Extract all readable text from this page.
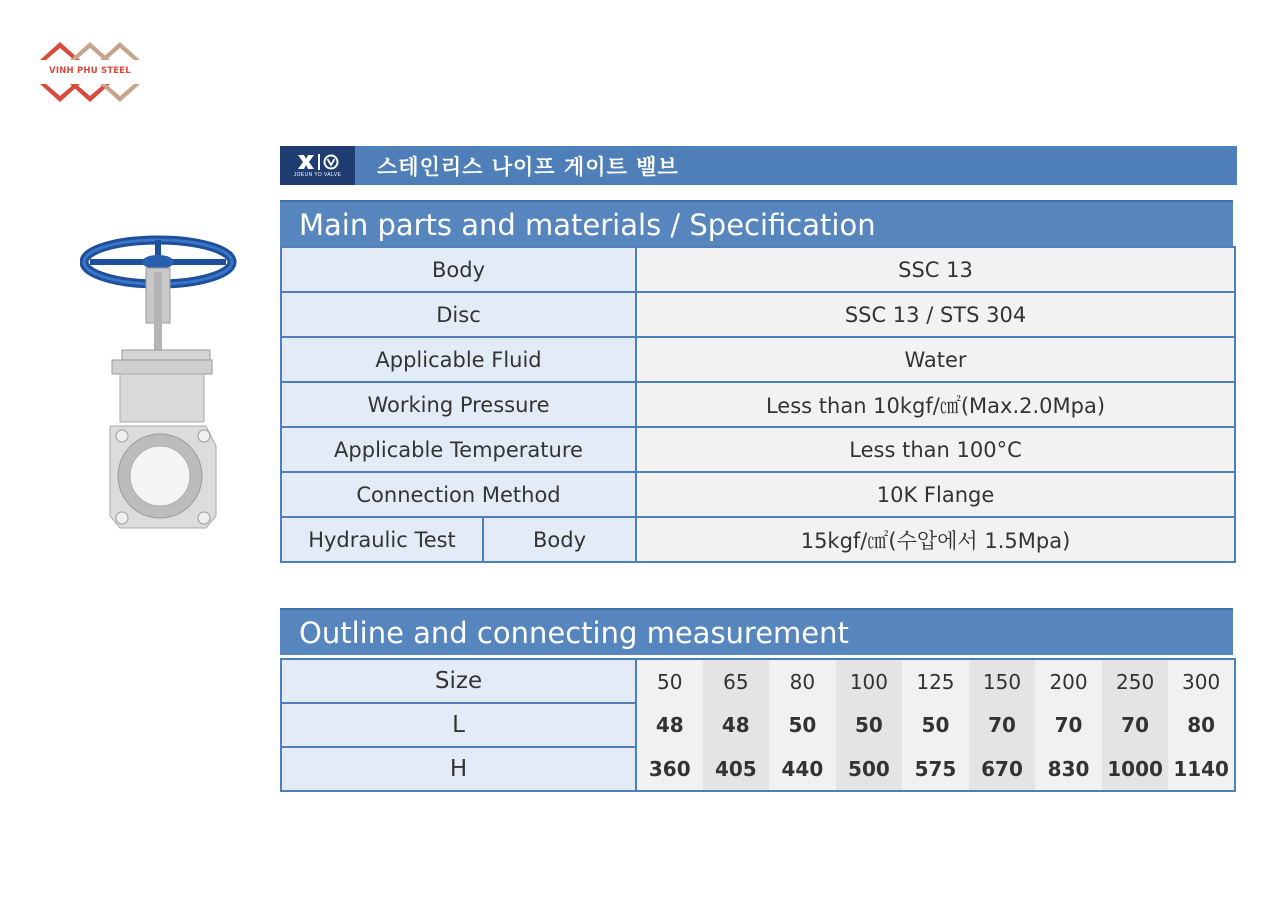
VINH PHU STEEL
JOEUN YD VALVE 스테인리스 나이프 게이트 밸브
Main parts and materials / Specification
Body		SSC 13
Disc		SSC 13 / STS 304
Applicable Fluid		Water
Working Pressure		Less than 10kgf/㎠(Max.2.0Mpa)
Applicable Temperature		Less than 100°C
Connection Method		10K Flange
Hydraulic Test	Body	15kgf/㎠(수압에서 1.5Mpa)
Outline and connecting measurement
Size	50	65	80	100	125	150	200	250	300
L	48	48	50	50	50	70	70	70	80
H	360	405	440	500	575	670	830	1000	1140
